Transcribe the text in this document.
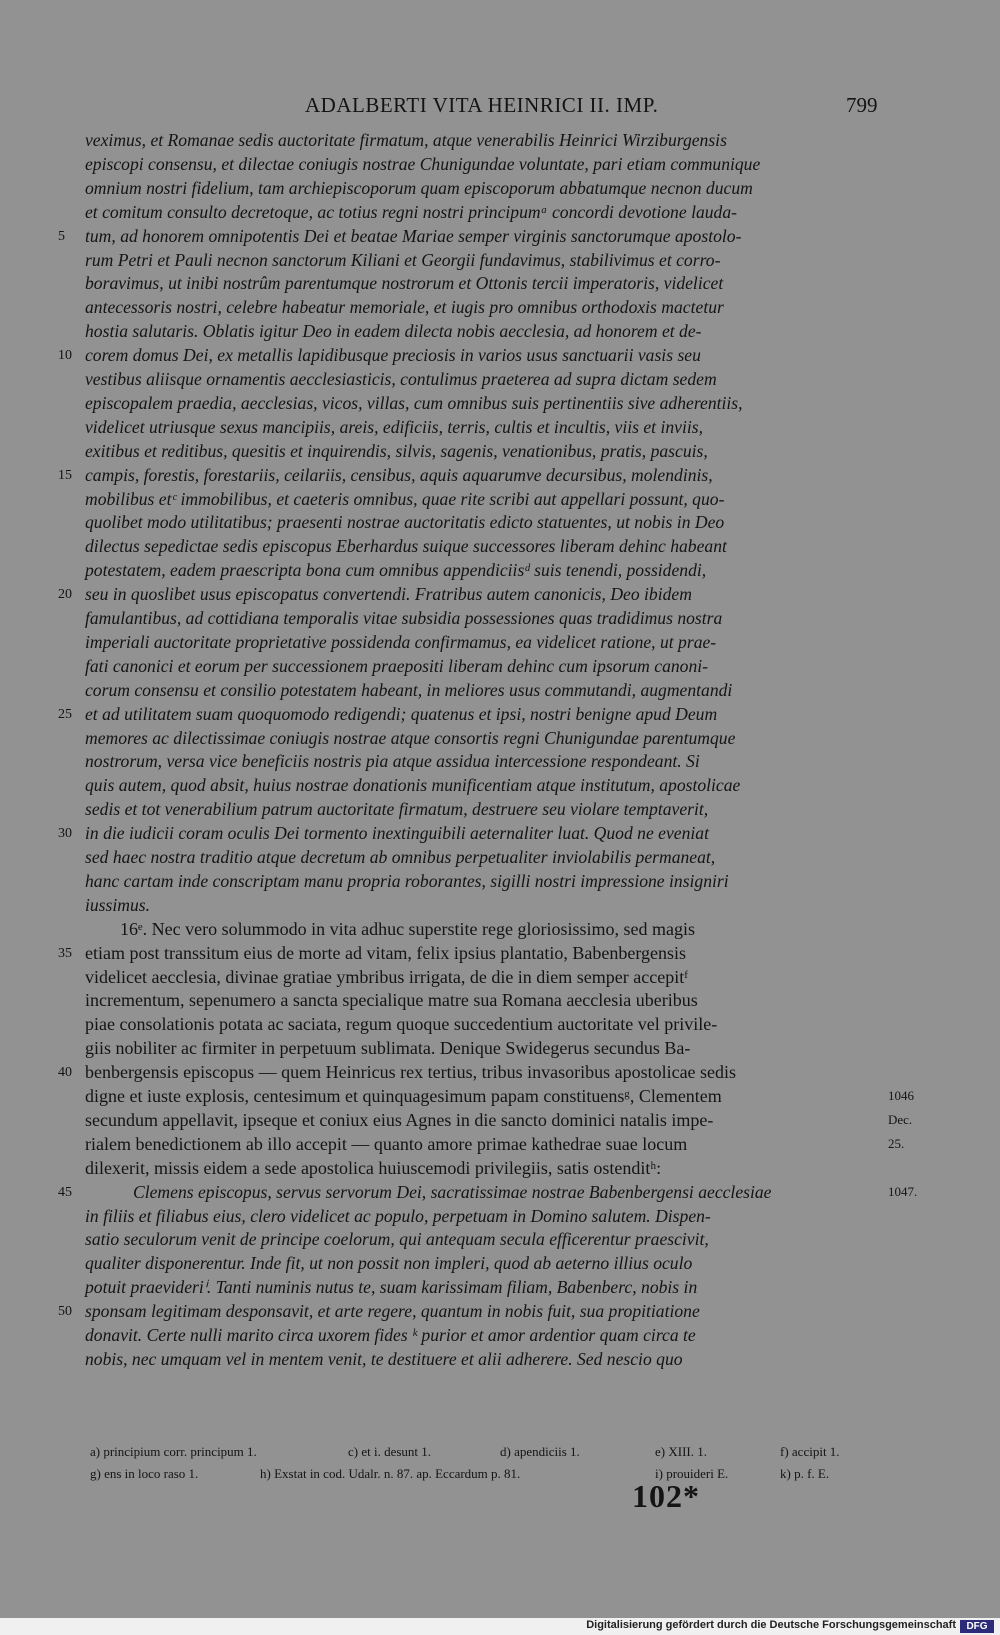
ADALBERTI VITA HEINRICI II. IMP.	799
veximus, et Romanae sedis auctoritate firmatum, atque venerabilis Heinrici Wirziburgensis
episcopi consensu, et dilectae coniugis nostrae Chunigundae voluntate, pari etiam communique
omnium nostri fidelium, tam archiepiscoporum quam episcoporum abbatumque necnon ducum
et comitum consulto decretoque, ac totius regni nostri principumᵃ concordi devotione lauda-
tum, ad honorem omnipotentis Dei et beatae Mariae semper virginis sanctorumque apostolo-
5
rum Petri et Pauli necnon sanctorum Kiliani et Georgii fundavimus, stabilivimus et corro-
boravimus, ut inibi nostrûm parentumque nostrorum et Ottonis tercii imperatoris, videlicet
antecessoris nostri, celebre habeatur memoriale, et iugis pro omnibus orthodoxis mactetur
hostia salutaris. Oblatis igitur Deo in eadem dilecta nobis aecclesia, ad honorem et de-
corem domus Dei, ex metallis lapidibusque preciosis in varios usus sanctuarii vasis seu
10
vestibus aliisque ornamentis aecclesiasticis, contulimus praeterea ad supra dictam sedem
episcopalem praedia, aecclesias, vicos, villas, cum omnibus suis pertinentiis sive adherentiis,
videlicet utriusque sexus mancipiis, areis, edificiis, terris, cultis et incultis, viis et inviis,
exitibus et reditibus, quesitis et inquirendis, silvis, sagenis, venationibus, pratis, pascuis,
campis, forestis, forestariis, ceilariis, censibus, aquis aquarumve decursibus, molendinis,
15
mobilibus etᶜ immobilibus, et caeteris omnibus, quae rite scribi aut appellari possunt, quo-
quolibet modo utilitatibus; praesenti nostrae auctoritatis edicto statuentes, ut nobis in Deo
dilectus sepedictae sedis episcopus Eberhardus suique successores liberam dehinc habeant
potestatem, eadem praescripta bona cum omnibus appendiciisᵈ suis tenendi, possidendi,
seu in quoslibet usus episcopatus convertendi. Fratribus autem canonicis, Deo ibidem
20
famulantibus, ad cottidiana temporalis vitae subsidia possessiones quas tradidimus nostra
imperiali auctoritate proprietative possidenda confirmamus, ea videlicet ratione, ut prae-
fati canonici et eorum per successionem praepositi liberam dehinc cum ipsorum canoni-
corum consensu et consilio potestatem habeant, in meliores usus commutandi, augmentandi
et ad utilitatem suam quoquomodo redigendi; quatenus et ipsi, nostri benigne apud Deum
25
memores ac dilectissimae coniugis nostrae atque consortis regni Chunigundae parentumque
nostrorum, versa vice beneficiis nostris pia atque assidua intercessione respondeant. Si
quis autem, quod absit, huius nostrae donationis munificentiam atque institutum, apostolicae
sedis et tot venerabilium patrum auctoritate firmatum, destruere seu violare temptaverit,
in die iudicii coram oculis Dei tormento inextinguibili aeternaliter luat. Quod ne eveniat
30
sed haec nostra traditio atque decretum ab omnibus perpetualiter inviolabilis permaneat,
hanc cartam inde conscriptam manu propria roborantes, sigilli nostri impressione insigniri
iussimus.
16ᵉ. Nec vero solummodo in vita adhuc superstite rege gloriosissimo, sed magis
etiam post transsitum eius de morte ad vitam, felix ipsius plantatio, Babenbergensis
35
videlicet aecclesia, divinae gratiae ymbribus irrigata, de die in diem semper accepitᶠ
incrementum, sepenumero a sancta specialique matre sua Romana aecclesia uberibus
piae consolationis potata ac saciata, regum quoque succedentium auctoritate vel privile-
giis nobiliter ac firmiter in perpetuum sublimata. Denique Swidegerus secundus Ba-
benbergensis episcopus — quem Heinricus rex tertius, tribus invasoribus apostolicae sedis
40
digne et iuste explosis, centesimum et quinquagesimum papam constituensᵍ, Clementem
secundum appellavit, ipseque et coniux eius Agnes in die sancto dominici natalis impe-
rialem benedictionem ab illo accepit — quanto amore primae kathedrae suae locum
dilexerit, missis eidem a sede apostolica huiuscemodi privilegiis, satis ostenditʰ:
Clemens episcopus, servus servorum Dei, sacratissimae nostrae Babenbergensi aecclesiae
45
in filiis et filiabus eius, clero videlicet ac populo, perpetuam in Domino salutem. Dispen-
satio seculorum venit de principe coelorum, qui antequam secula efficerentur praescivit,
qualiter disponerentur. Inde fit, ut non possit non impleri, quod ab aeterno illius oculo
potuit praevideriⁱ. Tanti numinis nutus te, suam karissimam filiam, Babenberc, nobis in
sponsam legitimam desponsavit, et arte regere, quantum in nobis fuit, sua propitiatione
50
donavit. Certe nulli marito circa uxorem fides ᵏ purior et amor ardentior quam circa te
nobis, nec umquam vel in mentem venit, te destituere et alii adherere. Sed nescio quo
1046
Dec.
25.
1047.
a) principium corr. principum 1.	c) et i. desunt 1.	d) apendiciis 1.	e) XIII. 1.	f) accipit 1.
g) ens in loco raso 1.	h) Exstat in cod. Udalr. n. 87. ap. Eccardum p. 81.	i) prouideri E.	k) p. f. E.
102*
Digitalisierung gefördert durch die Deutsche Forschungsgemeinschaft	DFG
